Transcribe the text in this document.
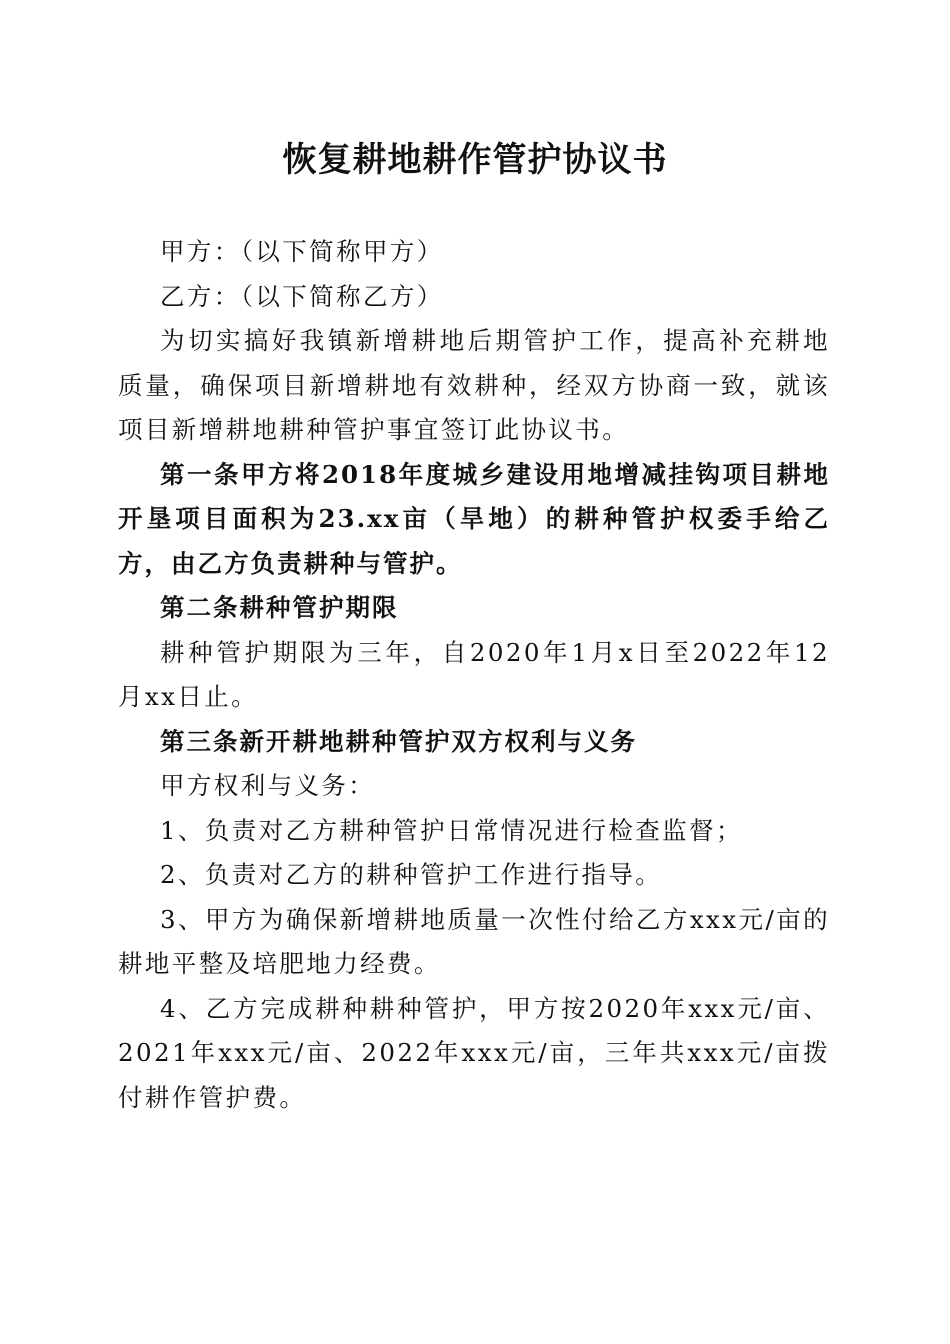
恢复耕地耕作管护协议书

甲方：（以下简称甲方）

乙方：（以下简称乙方）

为切实搞好我镇新增耕地后期管护工作，提高补充耕地质量，确保项目新增耕地有效耕种，经双方协商一致，就该项目新增耕地耕种管护事宜签订此协议书。

第一条甲方将2018年度城乡建设用地增减挂钩项目耕地开垦项目面积为23.xx亩（旱地）的耕种管护权委手给乙方，由乙方负责耕种与管护。

第二条耕种管护期限

耕种管护期限为三年，自2020年1月x日至2022年12月xx日止。

第三条新开耕地耕种管护双方权利与义务

甲方权利与义务：

1、负责对乙方耕种管护日常情况进行检查监督；

2、负责对乙方的耕种管护工作进行指导。

3、甲方为确保新增耕地质量一次性付给乙方xxx元/亩的耕地平整及培肥地力经费。

4、乙方完成耕种耕种管护，甲方按2020年xxx元/亩、2021年xxx元/亩、2022年xxx元/亩，三年共xxx元/亩拨付耕作管护费。
